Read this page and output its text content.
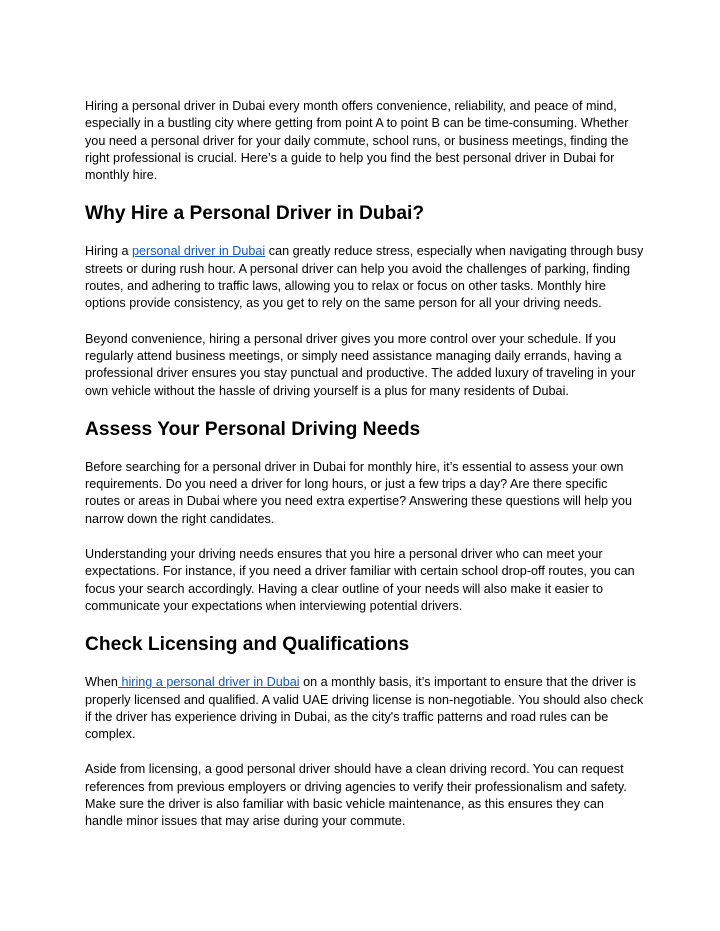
Hiring a personal driver in Dubai every month offers convenience, reliability, and peace of mind, especially in a bustling city where getting from point A to point B can be time-consuming. Whether you need a personal driver for your daily commute, school runs, or business meetings, finding the right professional is crucial. Here’s a guide to help you find the best personal driver in Dubai for monthly hire.

Why Hire a Personal Driver in Dubai?

Hiring a personal driver in Dubai can greatly reduce stress, especially when navigating through busy streets or during rush hour. A personal driver can help you avoid the challenges of parking, finding routes, and adhering to traffic laws, allowing you to relax or focus on other tasks. Monthly hire options provide consistency, as you get to rely on the same person for all your driving needs.

Beyond convenience, hiring a personal driver gives you more control over your schedule. If you regularly attend business meetings, or simply need assistance managing daily errands, having a professional driver ensures you stay punctual and productive. The added luxury of traveling in your own vehicle without the hassle of driving yourself is a plus for many residents of Dubai.

Assess Your Personal Driving Needs

Before searching for a personal driver in Dubai for monthly hire, it’s essential to assess your own requirements. Do you need a driver for long hours, or just a few trips a day? Are there specific routes or areas in Dubai where you need extra expertise? Answering these questions will help you narrow down the right candidates.

Understanding your driving needs ensures that you hire a personal driver who can meet your expectations. For instance, if you need a driver familiar with certain school drop-off routes, you can focus your search accordingly. Having a clear outline of your needs will also make it easier to communicate your expectations when interviewing potential drivers.

Check Licensing and Qualifications

When hiring a personal driver in Dubai on a monthly basis, it’s important to ensure that the driver is properly licensed and qualified. A valid UAE driving license is non-negotiable. You should also check if the driver has experience driving in Dubai, as the city's traffic patterns and road rules can be complex.

Aside from licensing, a good personal driver should have a clean driving record. You can request references from previous employers or driving agencies to verify their professionalism and safety. Make sure the driver is also familiar with basic vehicle maintenance, as this ensures they can handle minor issues that may arise during your commute.
